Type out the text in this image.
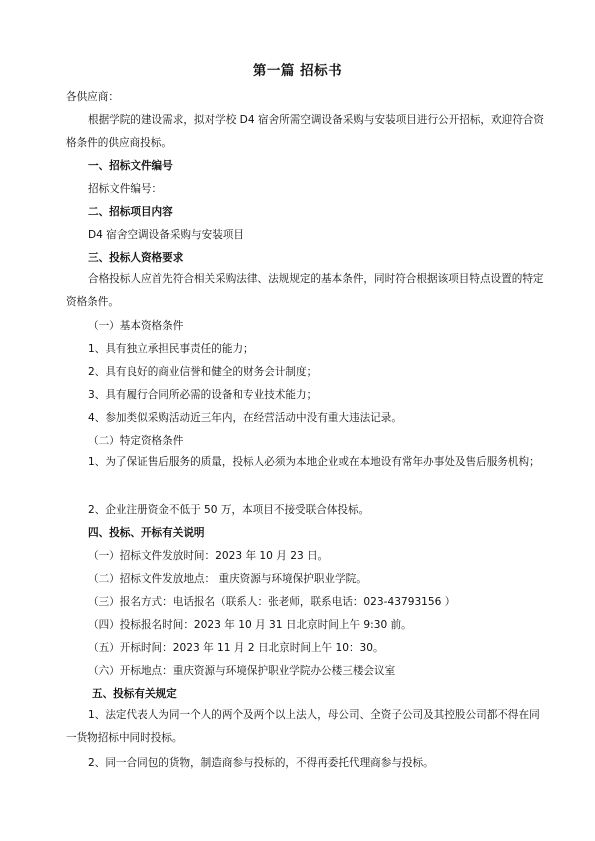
第一篇 招标书
各供应商：
根据学院的建设需求，拟对学校 D4 宿舍所需空调设备采购与安装项目进行公开招标，欢迎符合资格条件的供应商投标。
一、招标文件编号
招标文件编号：
二、招标项目内容
D4 宿舍空调设备采购与安装项目
三、投标人资格要求
合格投标人应首先符合相关采购法律、法规规定的基本条件，同时符合根据该项目特点设置的特定资格条件。
（一）基本资格条件
1、具有独立承担民事责任的能力；
2、具有良好的商业信誉和健全的财务会计制度；
3、具有履行合同所必需的设备和专业技术能力；
4、参加类似采购活动近三年内，在经营活动中没有重大违法记录。
（二）特定资格条件
1、为了保证售后服务的质量，投标人必须为本地企业或在本地设有常年办事处及售后服务机构；
2、企业注册资金不低于 50 万，本项目不接受联合体投标。
四、投标、开标有关说明
（一）招标文件发放时间：2023 年 10 月 23 日。
（二）招标文件发放地点： 重庆资源与环境保护职业学院。
（三）报名方式：电话报名（联系人：张老师，联系电话：023-43793156 ）
（四）投标报名时间：2023 年 10 月 31 日北京时间上午 9:30 前。
（五）开标时间：2023 年 11 月 2 日北京时间上午 10：30。
（六）开标地点：重庆资源与环境保护职业学院办公楼三楼会议室
五、投标有关规定
1、法定代表人为同一个人的两个及两个以上法人，母公司、全资子公司及其控股公司都不得在同一货物招标中同时投标。
2、同一合同包的货物，制造商参与投标的，不得再委托代理商参与投标。
